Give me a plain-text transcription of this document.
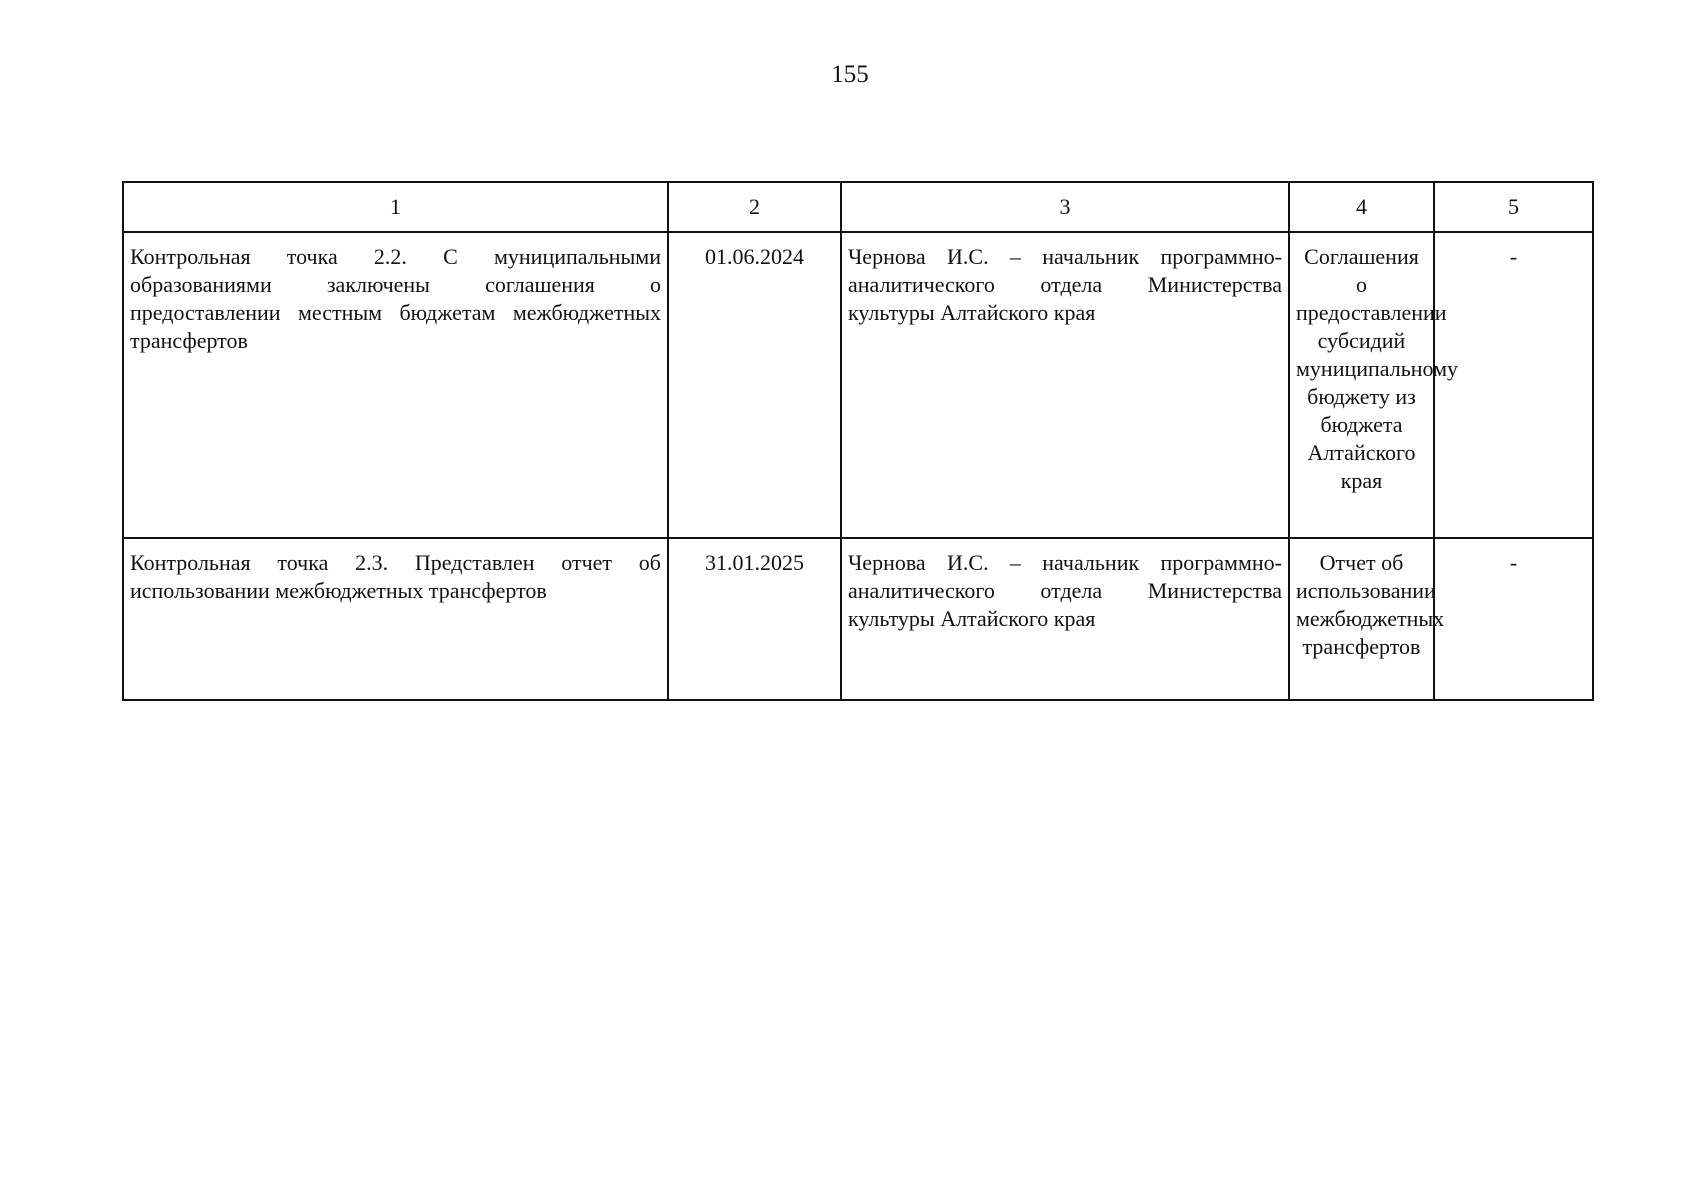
155
1	2	3	4	5
Контрольная точка 2.2. С муниципальными образованиями заключены соглашения о предоставлении местным бюджетам межбюджетных трансфертов	01.06.2024	Чернова И.С. – начальник программно-аналитического отдела Министерства культуры Алтайского края	Соглашения о предоставлении субсидий муниципальному бюджету из бюджета Алтайского края	-
Контрольная точка 2.3. Представлен отчет об использовании межбюджетных трансфертов	31.01.2025	Чернова И.С. – начальник программно-аналитического отдела Министерства культуры Алтайского края	Отчет об использовании межбюджетных трансфертов	-
